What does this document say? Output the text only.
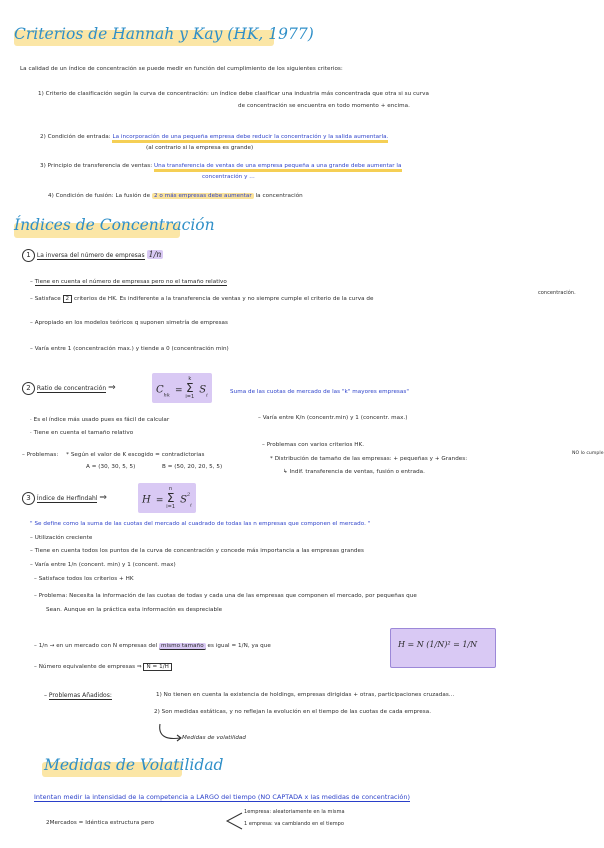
Criterios de Hannah y Kay (HK, 1977)
La calidad de un índice de concentración se puede medir en función del cumplimiento de los siguientes criterios:
1) Criterio de clasificación según la curva de concentración: un índice debe clasificar una industria más concentrada que otra si su curva
de concentración se encuentra en todo momento + encima.
2) Condición de entrada: La incorporación de una pequeña empresa debe reducir la concentración y la salida aumentarla.
(al contrario si la empresa es grande)
3) Principio de transferencia de ventas: Una transferencia de ventas de una empresa pequeña a una grande debe aumentar la
concentración y ...
4) Condición de fusión: La fusión de 2 o más empresas debe aumentar la concentración
Índices de Concentración
1 La inversa del número de empresas 1/n
– Tiene en cuenta el número de empresas pero no el tamaño relativo
– Satisface 2 criterios de HK. Es indiferente a la transferencia de ventas y no siempre cumple el criterio de la curva de
concentración.
– Apropiado en los modelos teóricos q suponen simetría de empresas
– Varía entre 1 (concentración max.) y tiende a 0 (concentración min)
2 Ratio de concentración ⇒	$C_{hk}$ =
k
Σ
i=1
$S_i$
Suma de las cuotas de mercado de las "k" mayores empresas"
· Es el índice más usado pues es fácil de calcular
· Tiene en cuenta el tamaño relativo
– Varía entre K/n (concentr.min) y 1 (concentr. max.)
– Problemas con varios criterios HK.
* Distribución de tamaño de las empresas: + pequeñas y + Grandes:
NO lo cumple
↳ Indif. transferencia de ventas, fusión o entrada.
– Problemas: * Según el valor de K escogido = contradictorias
A = (30, 30, 5, 5)	B = (50, 20, 20, 5, 5)
3 Índice de Herfindahl ⇒	H =
n
Σ
i=1
$S^2_i$
" Se define como la suma de las cuotas del mercado al cuadrado de todas las n empresas que componen el mercado. "
– Utilización creciente
– Tiene en cuenta todos los puntos de la curva de concentración y concede más importancia a las empresas grandes
– Varía entre 1/n (concent. min) y 1 (concent. max)
– Satisface todos los criterios + HK
– Problema: Necesita la información de las cuotas de todas y cada una de las empresas que componen el mercado, por pequeñas que
Sean. Aunque en la práctica esta información es despreciable
– 1/n → en un mercado con N empresas del mismo tamaño es igual = 1/N, ya que	H = N (1/N)² = 1/N
– Número equivalente de empresas ⇒ N = 1/H
– Problemas Añadidos:	1) No tienen en cuenta la existencia de holdings, empresas dirigidas + otras, participaciones cruzadas...
2) Son medidas estáticas, y no reflejan la evolución en el tiempo de las cuotas de cada empresa.
Medidas de volatilidad
Medidas de Volatilidad
Intentan medir la intensidad de la competencia a LARGO del tiempo (NO CAPTADA x las medidas de concentración)
2Mercados = Idéntica estructura pero
1empresa: aleatoriamente en la misma
1 empresa: va cambiando en el tiempo
